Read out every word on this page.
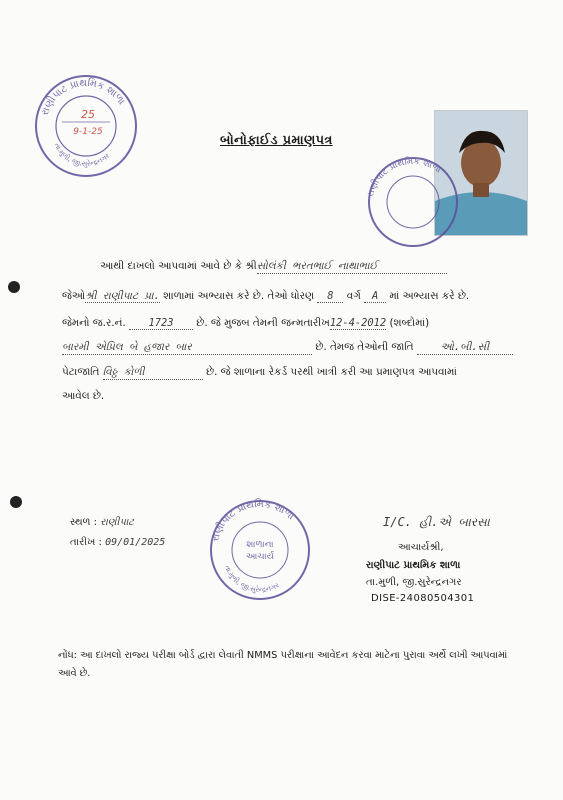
રાણીપાટ પ્રાથમિક શાળા
તા.મુળી, જી.સુરેન્દ્રનગર
25
9-1-25
બોનોફાઈડ પ્રમાણપત્ર
રાણીપાટ પ્રાથમિક શાળા
આથી દાખલો આપવામાં આવે છે કે શ્રીસોલંકી ભરતભાઈ નાથાભાઈ
જેઓશ્રી રાણીપાટ પ્રા. શાળામાં અભ્યાસ કરે છે. તેઓ ધોરણ 8 વર્ગ A માં અભ્યાસ કરે છે.
જેમનો જ.ર.નં. 1723 છે. જે મુજબ તેમની જન્મતારીખ12-4-2012 (શબ્દોમાં)
બારમી એપ્રિલ બે હજાર બાર	છે. તેમજ તેઓની જાતિ	ઓ.બી.સી
પેટાજાતિ વિઠ્ઠ કોળી	છે. જે શાળાના રેકર્ડ પરથી ખાત્રી કરી આ પ્રમાણપત્ર આપવામાં
આવેલ છે.
સ્થળ : રાણીપાટ
તારીખ : 09/01/2025	રાણીપાટ પ્રાથમિક શાળા
તા.મુળી, જી.સુરેન્દ્રનગર
શાળાના
આચાર્ય
I/C. હી.એ બારસા
આચાર્યશ્રી,
રાણીપાટ પ્રાથમિક શાળા
તા.મુળી, જી.સુરેન્દ્રનગર
DISE-24080504301
નોંધ: આ દાખલો રાજ્ય પરીક્ષા બોર્ડ દ્વારા લેવાતી NMMS પરીક્ષાના આવેદન કરવા માટેના પુરાવા અર્થે લખી આપવામાં આવે છે.
